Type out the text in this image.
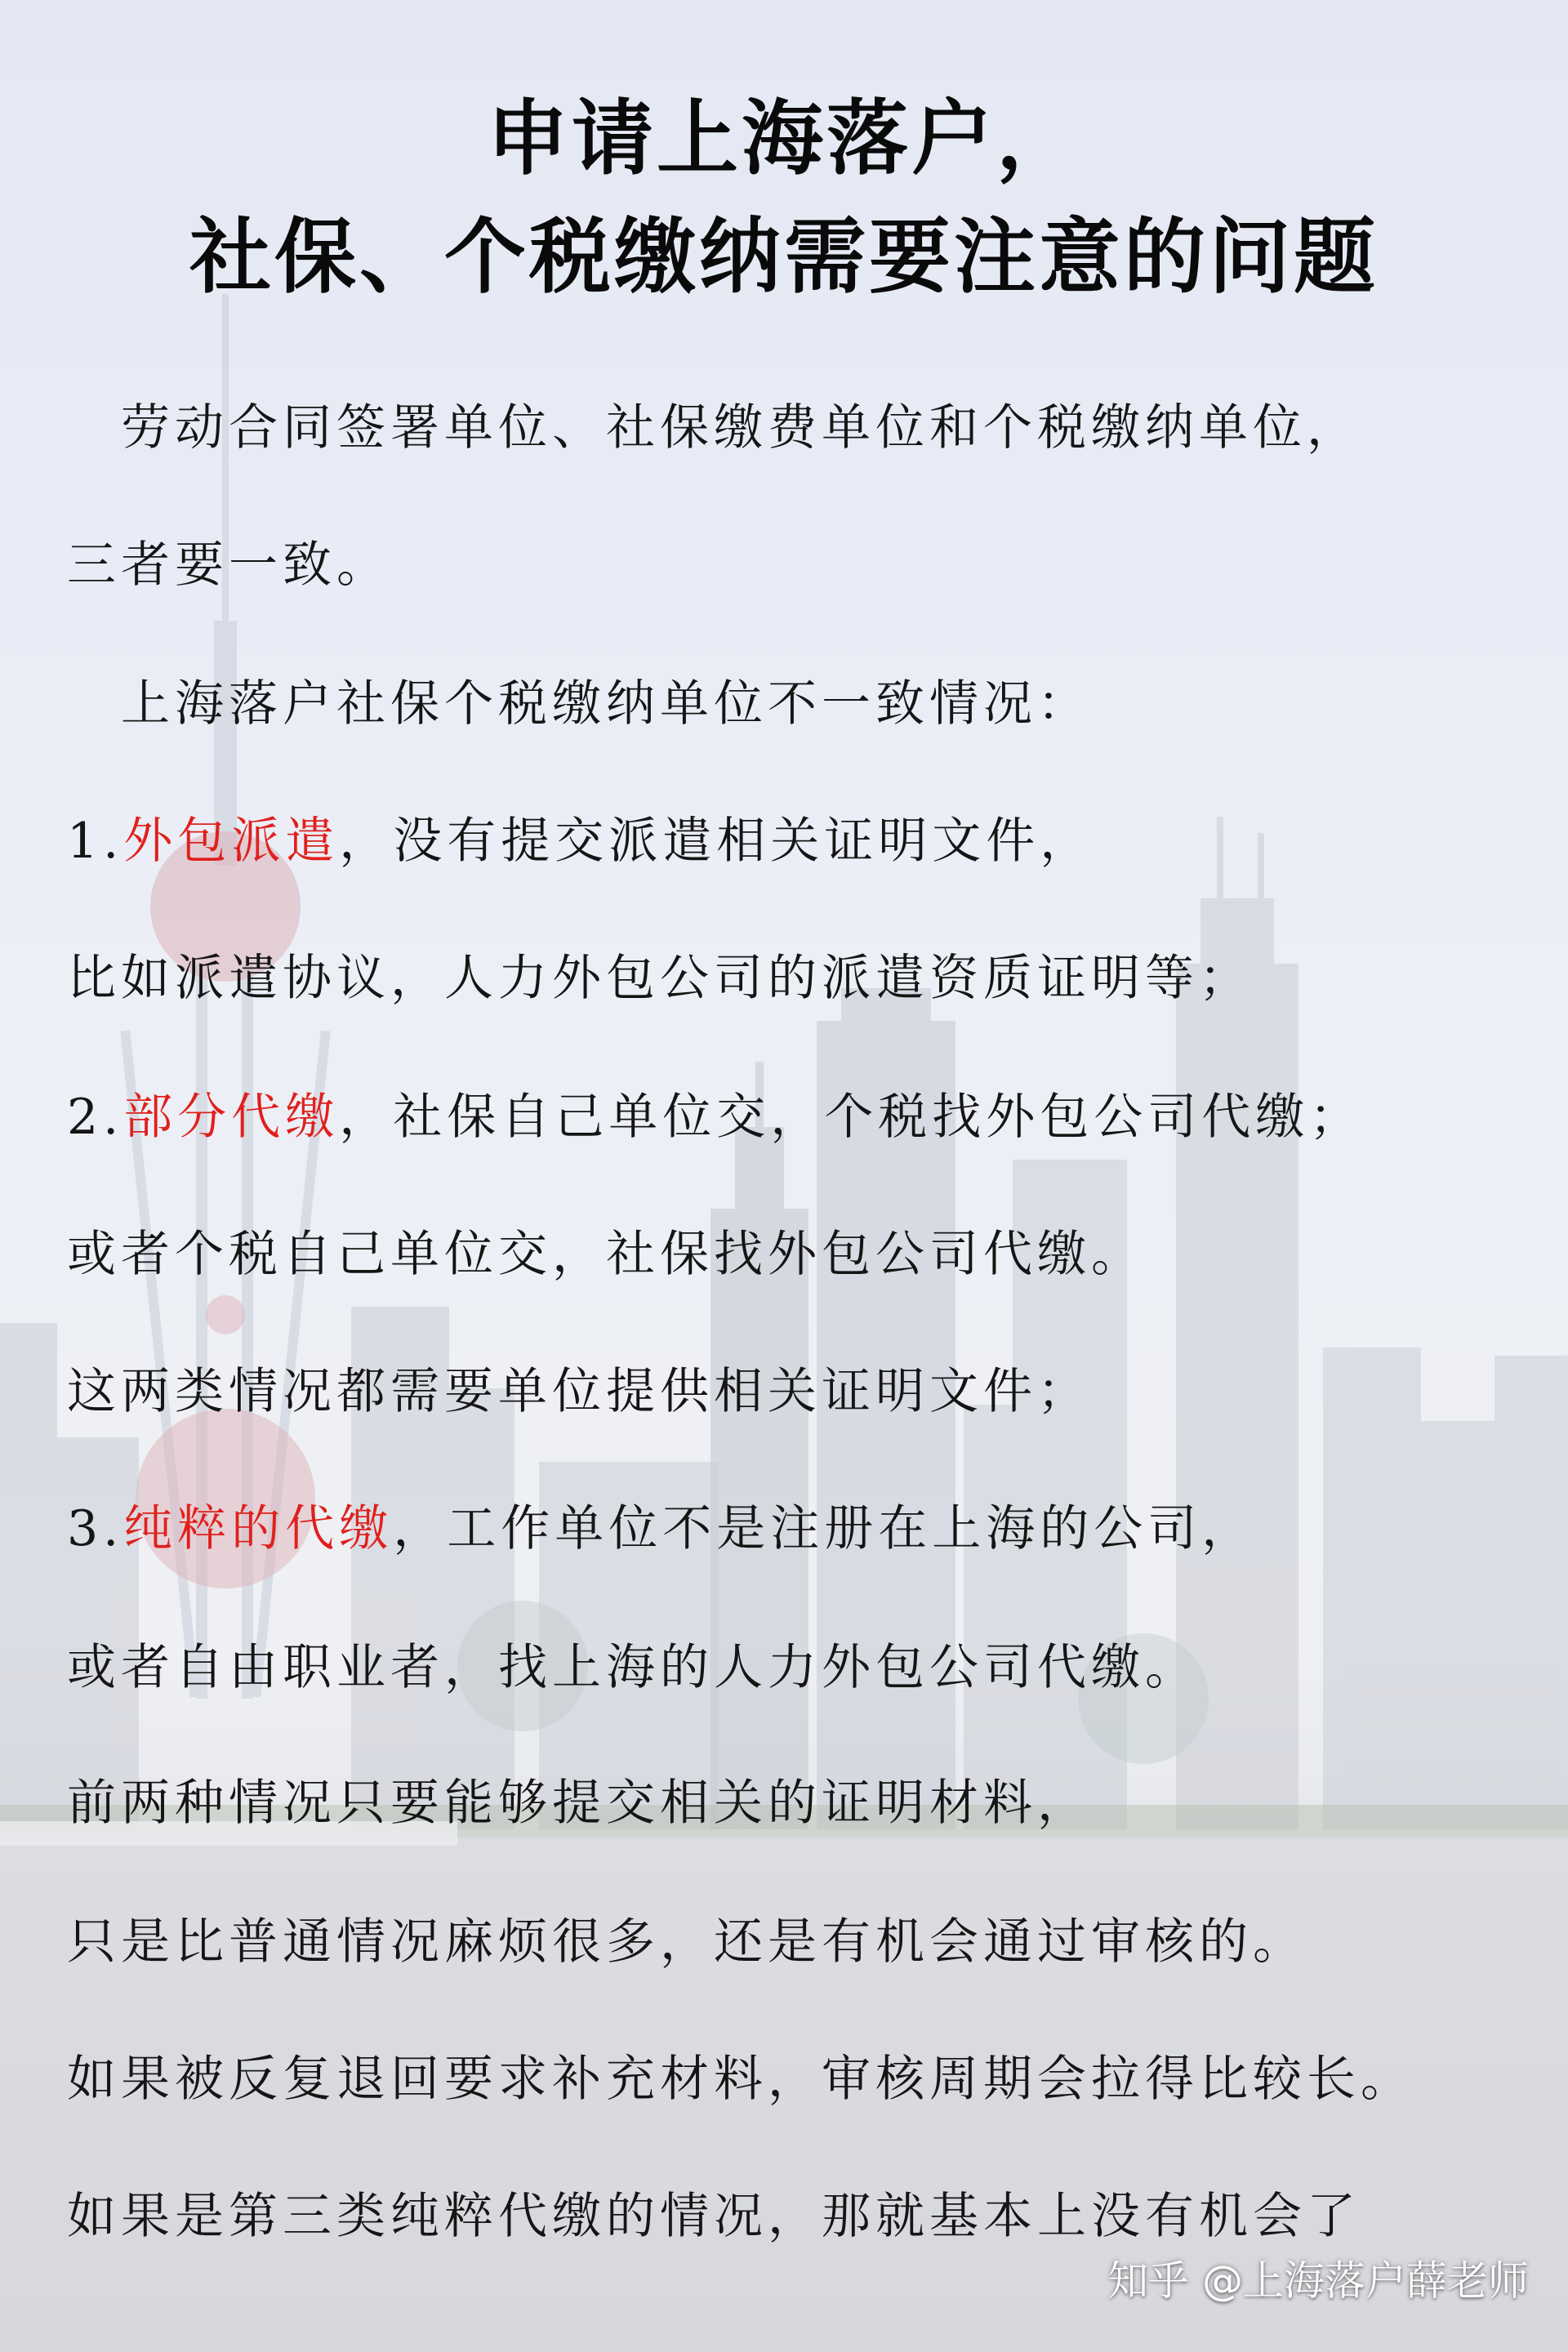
申请上海落户，
社保、个税缴纳需要注意的问题
劳动合同签署单位、社保缴费单位和个税缴纳单位，
三者要一致。
上海落户社保个税缴纳单位不一致情况：
1.外包派遣，没有提交派遣相关证明文件，
比如派遣协议，人力外包公司的派遣资质证明等；
2.部分代缴，社保自己单位交，个税找外包公司代缴；
或者个税自己单位交，社保找外包公司代缴。
这两类情况都需要单位提供相关证明文件；
3.纯粹的代缴，工作单位不是注册在上海的公司，
或者自由职业者，找上海的人力外包公司代缴。
前两种情况只要能够提交相关的证明材料，
只是比普通情况麻烦很多，还是有机会通过审核的。
如果被反复退回要求补充材料，审核周期会拉得比较长。
如果是第三类纯粹代缴的情况，那就基本上没有机会了
知乎 @上海落户薛老师
